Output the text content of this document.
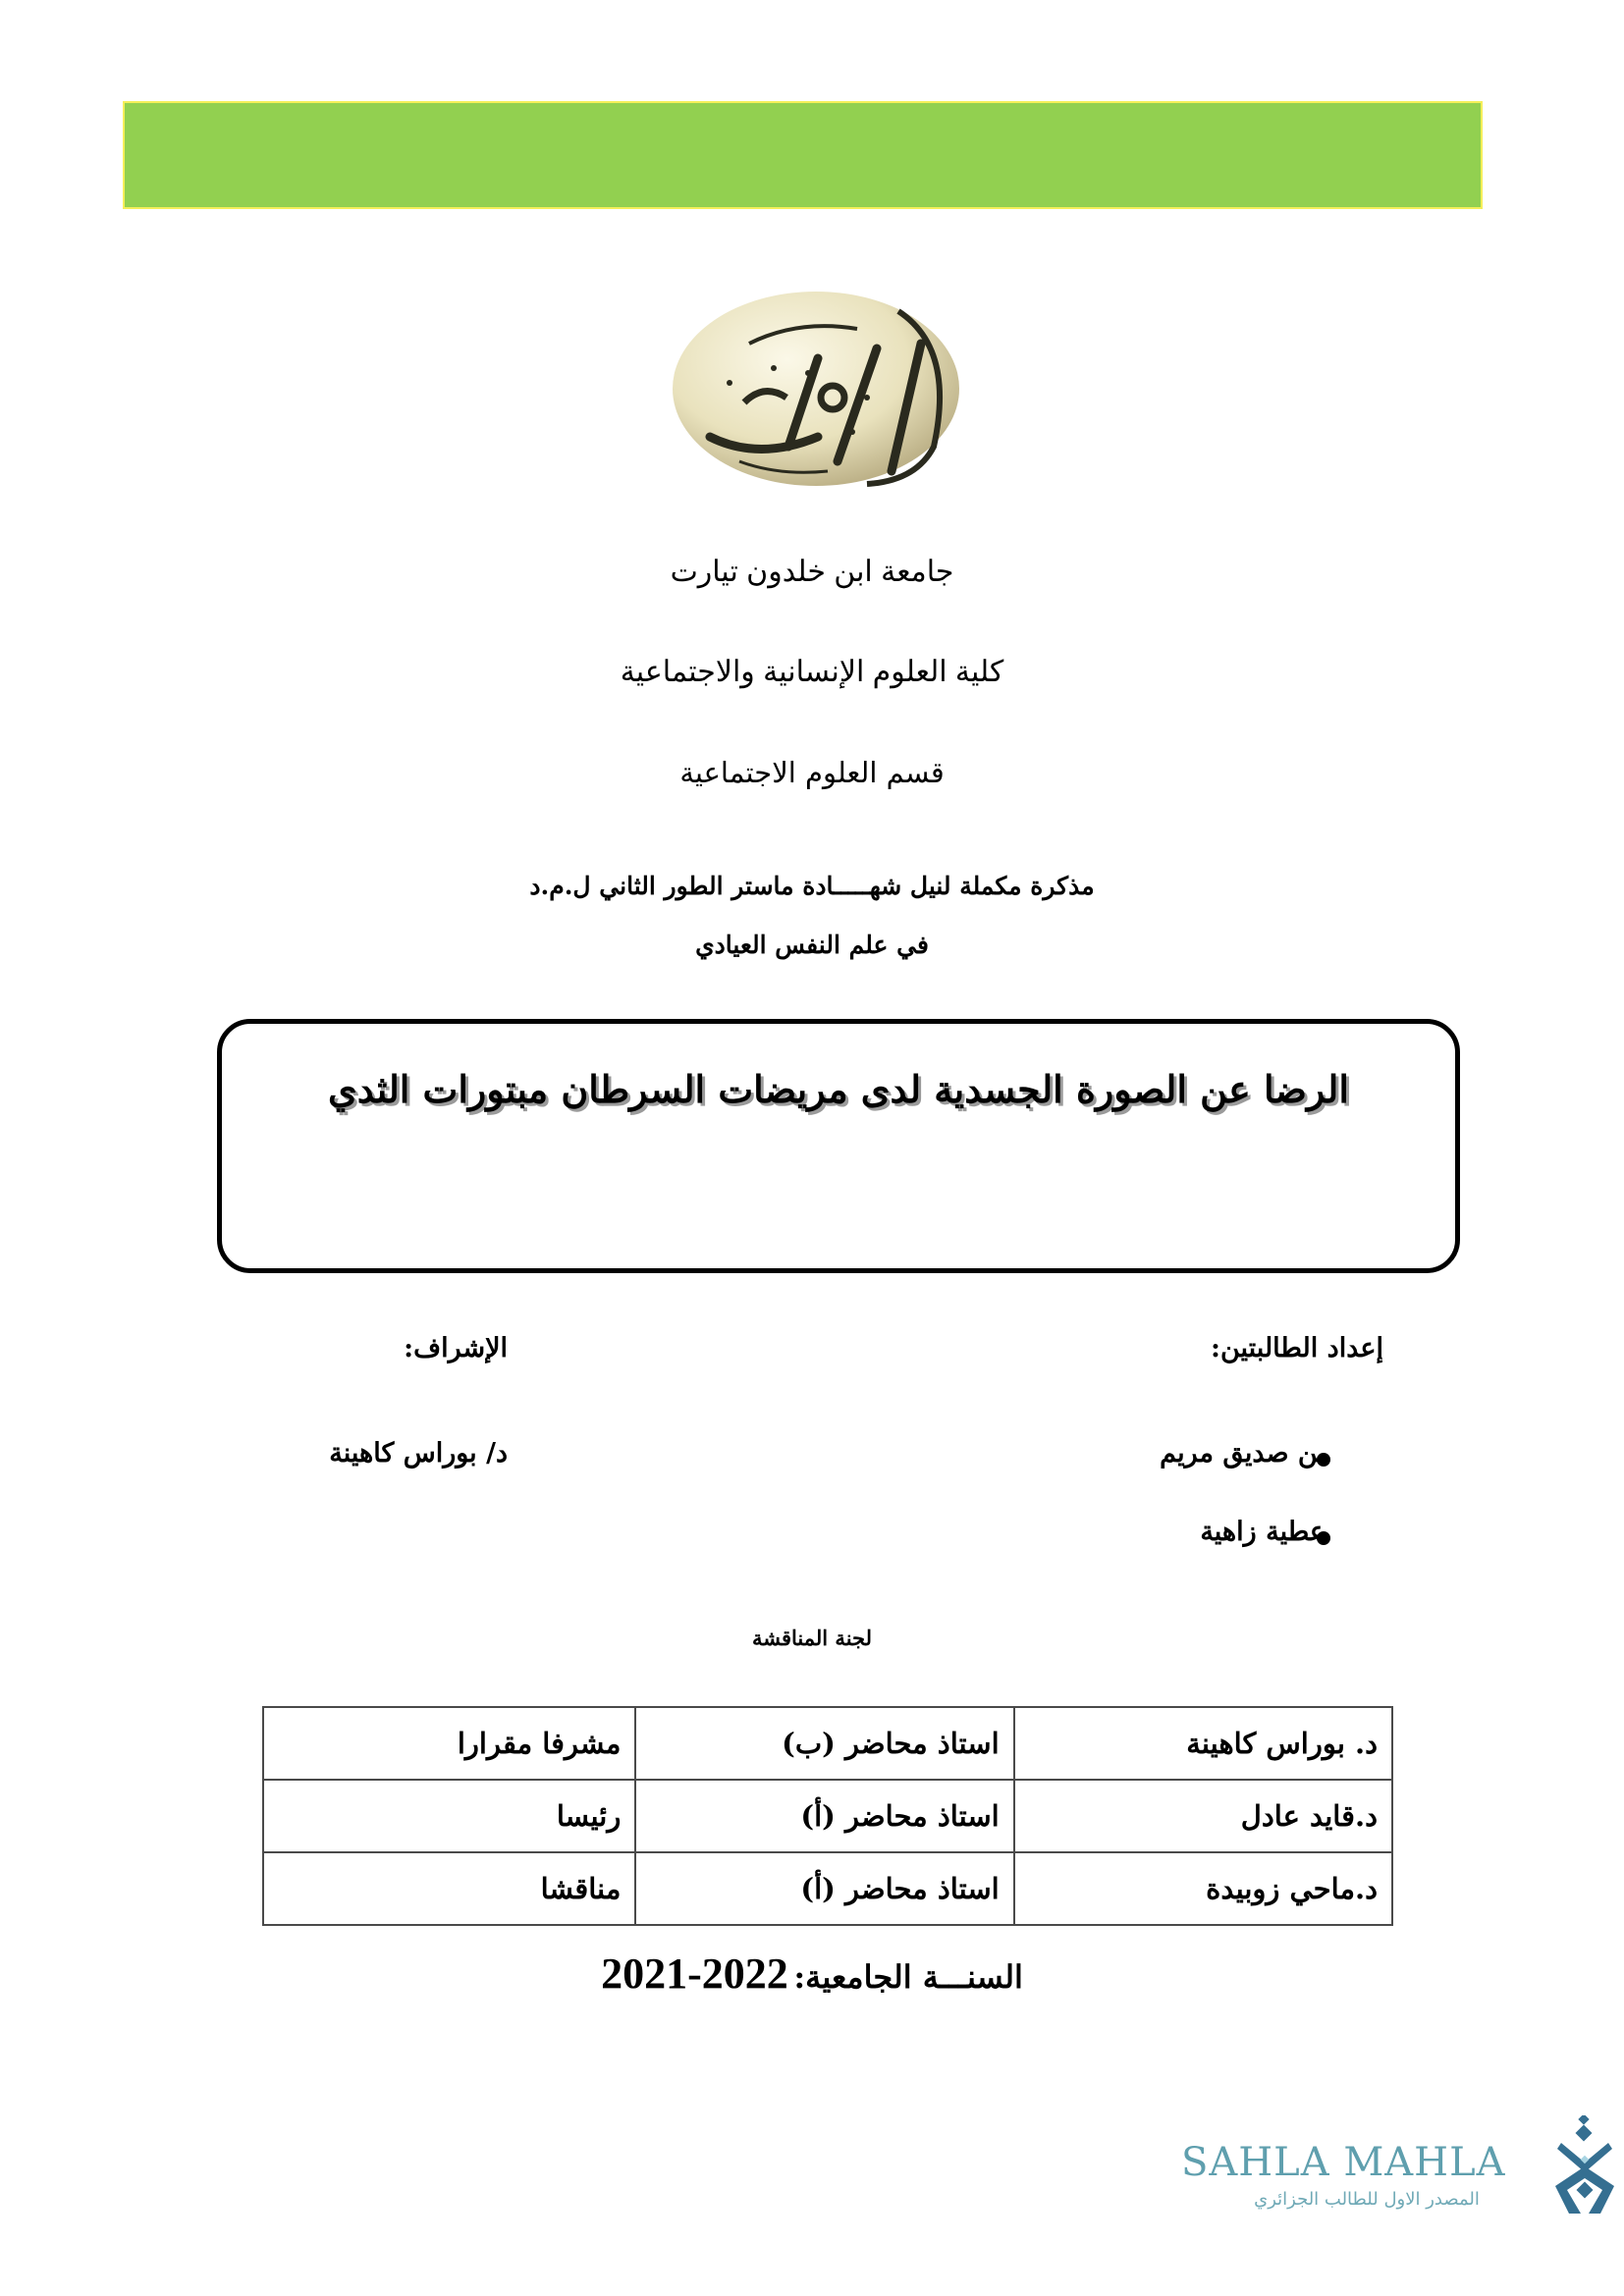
جامعة ابن خلدون تيارت
كلية العلوم الإنسانية والاجتماعية
قسم العلوم الاجتماعية
مذكرة مكملة لنيل شهـــــادة ماستر الطور الثاني ل.م.د
في علم النفس العيادي
الرضا عن الصورة الجسدية لدى مريضات السرطان مبتورات الثدي
إعداد الطالبتين:
الإشراف:
بن صديق مريم
عطية زاهية
د/ بوراس كاهينة
لجنة المناقشة
د. بوراس كاهينة	استاذ محاضر (ب)	مشرفا مقرارا
د.قايد عادل	استاذ محاضر (أ)	رئيسا
د.ماحي زوبيدة	استاذ محاضر (أ)	مناقشا
السنـــة الجامعية: 2021-2022
SAHLA MAHLA
المصدر الاول للطالب الجزائري
